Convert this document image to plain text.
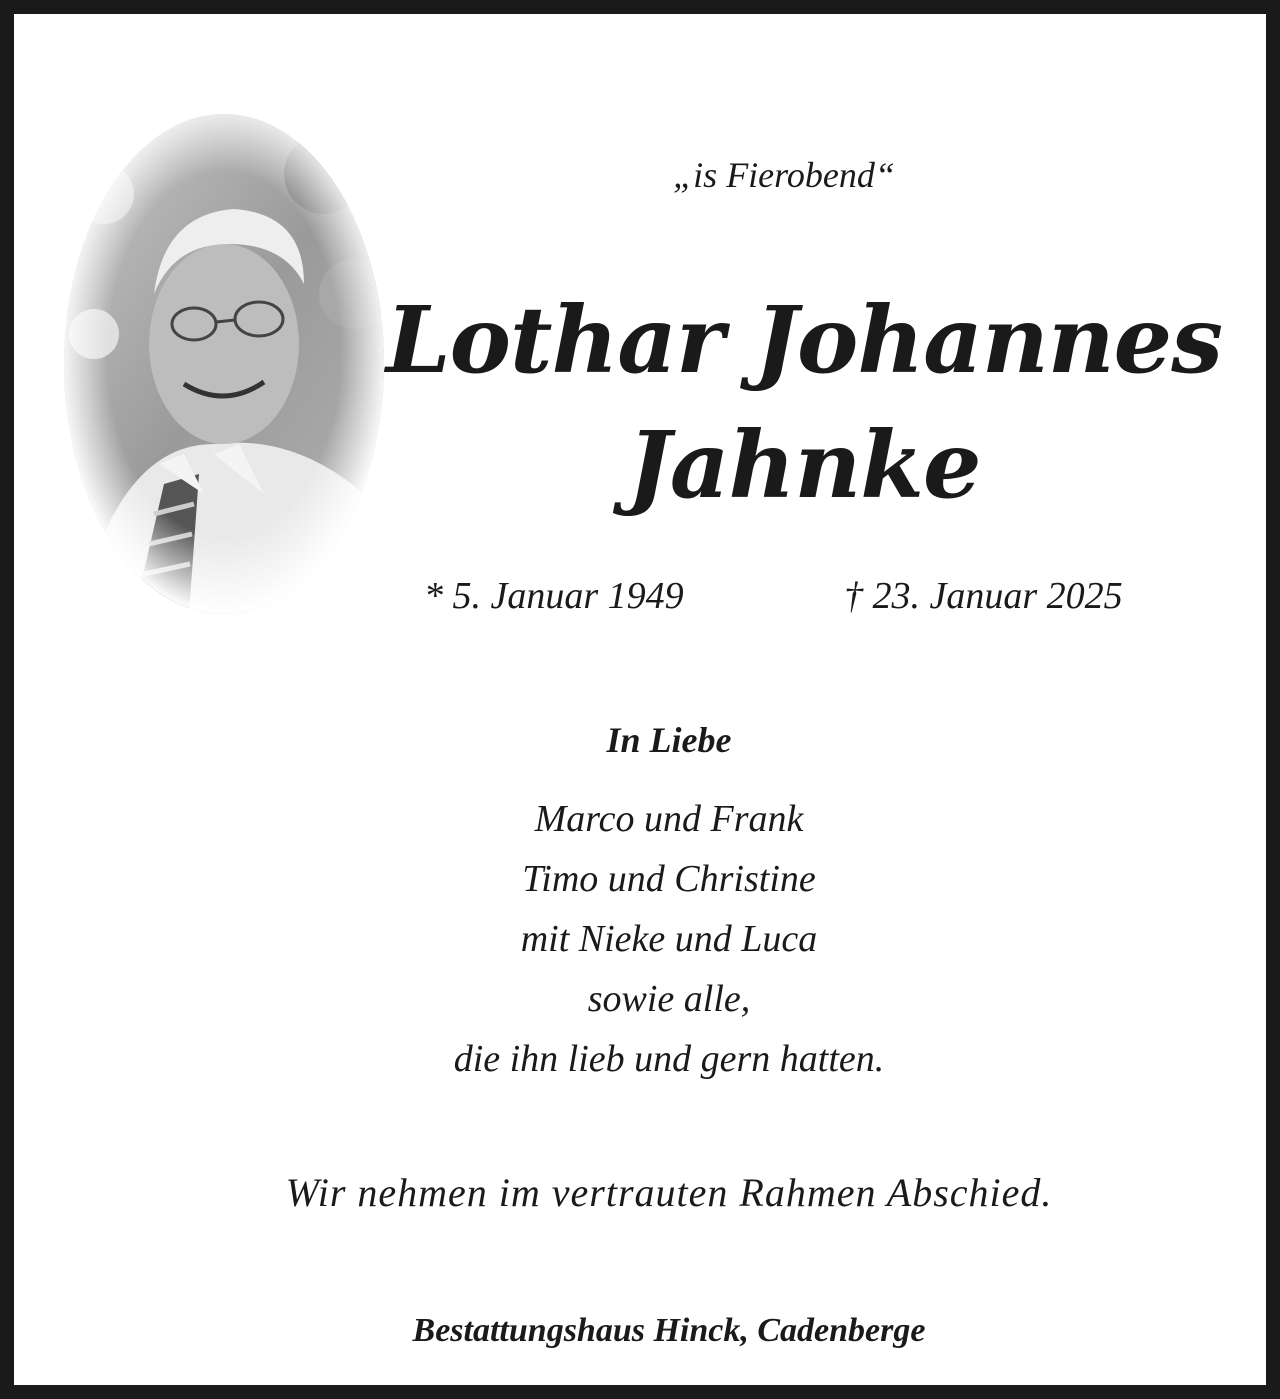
„is Fierobend“
Lothar Johannes
Jahnke
* 5. Januar 1949	† 23. Januar 2025
In Liebe
Marco und Frank
Timo und Christine
mit Nieke und Luca
sowie alle,
die ihn lieb und gern hatten.
Wir nehmen im vertrauten Rahmen Abschied.
Bestattungshaus Hinck, Cadenberge
